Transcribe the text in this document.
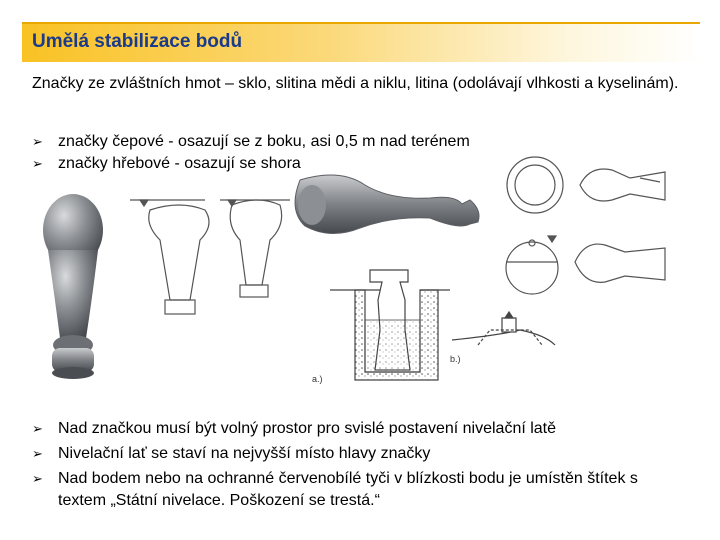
Umělá stabilizace bodů
Značky ze zvláštních hmot – sklo, slitina mědi a niklu, litina (odolávají vlhkosti a kyselinám).
➢ značky čepové - osazují se z boku, asi 0,5 m nad terénem
➢ značky hřebové - osazují se shora
a.)
b.)
➢ Nad značkou musí být volný prostor pro svislé postavení nivelační latě
➢ Nivelační lať se staví na nejvyšší místo hlavy značky
➢ Nad bodem nebo na ochranné červenobílé tyči v blízkosti bodu je umístěn štítek s textem „Státní nivelace. Poškození se trestá.“
